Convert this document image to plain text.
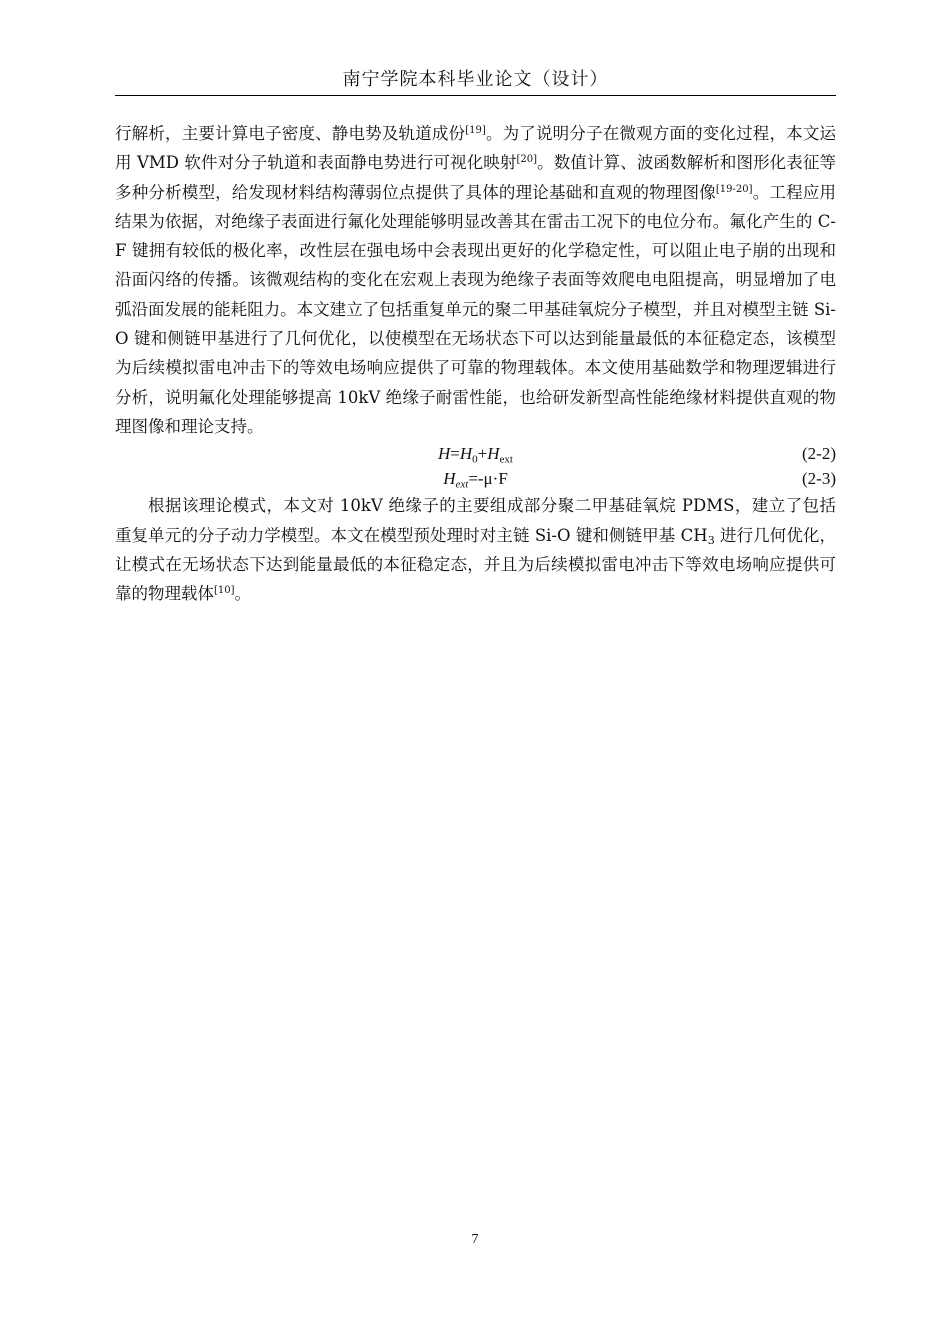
南宁学院本科毕业论文（设计）

行解析，主要计算电子密度、静电势及轨道成份[19]。为了说明分子在微观方面的变化过程，本文运用 VMD 软件对分子轨道和表面静电势进行可视化映射[20]。数值计算、波函数解析和图形化表征等多种分析模型，给发现材料结构薄弱位点提供了具体的理论基础和直观的物理图像[19-20]。工程应用结果为依据，对绝缘子表面进行氟化处理能够明显改善其在雷击工况下的电位分布。氟化产生的 C-F 键拥有较低的极化率，改性层在强电场中会表现出更好的化学稳定性，可以阻止电子崩的出现和沿面闪络的传播。该微观结构的变化在宏观上表现为绝缘子表面等效爬电电阻提高，明显增加了电弧沿面发展的能耗阻力。本文建立了包括重复单元的聚二甲基硅氧烷分子模型，并且对模型主链 Si-O 键和侧链甲基进行了几何优化，以使模型在无场状态下可以达到能量最低的本征稳定态，该模型为后续模拟雷电冲击下的等效电场响应提供了可靠的物理载体。本文使用基础数学和物理逻辑进行分析，说明氟化处理能够提高 10kV 绝缘子耐雷性能，也给研发新型高性能绝缘材料提供直观的物理图像和理论支持。

$H=H_0+H_{ext}$	(2-2)
$H_{ext}=-\mu\cdot F$	(2-3)

根据该理论模式，本文对 10kV 绝缘子的主要组成部分聚二甲基硅氧烷 PDMS，建立了包括重复单元的分子动力学模型。本文在模型预处理时对主链 Si-O 键和侧链甲基 $CH_3$ 进行几何优化，让模式在无场状态下达到能量最低的本征稳定态，并且为后续模拟雷电冲击下等效电场响应提供可靠的物理载体[10]。

7
